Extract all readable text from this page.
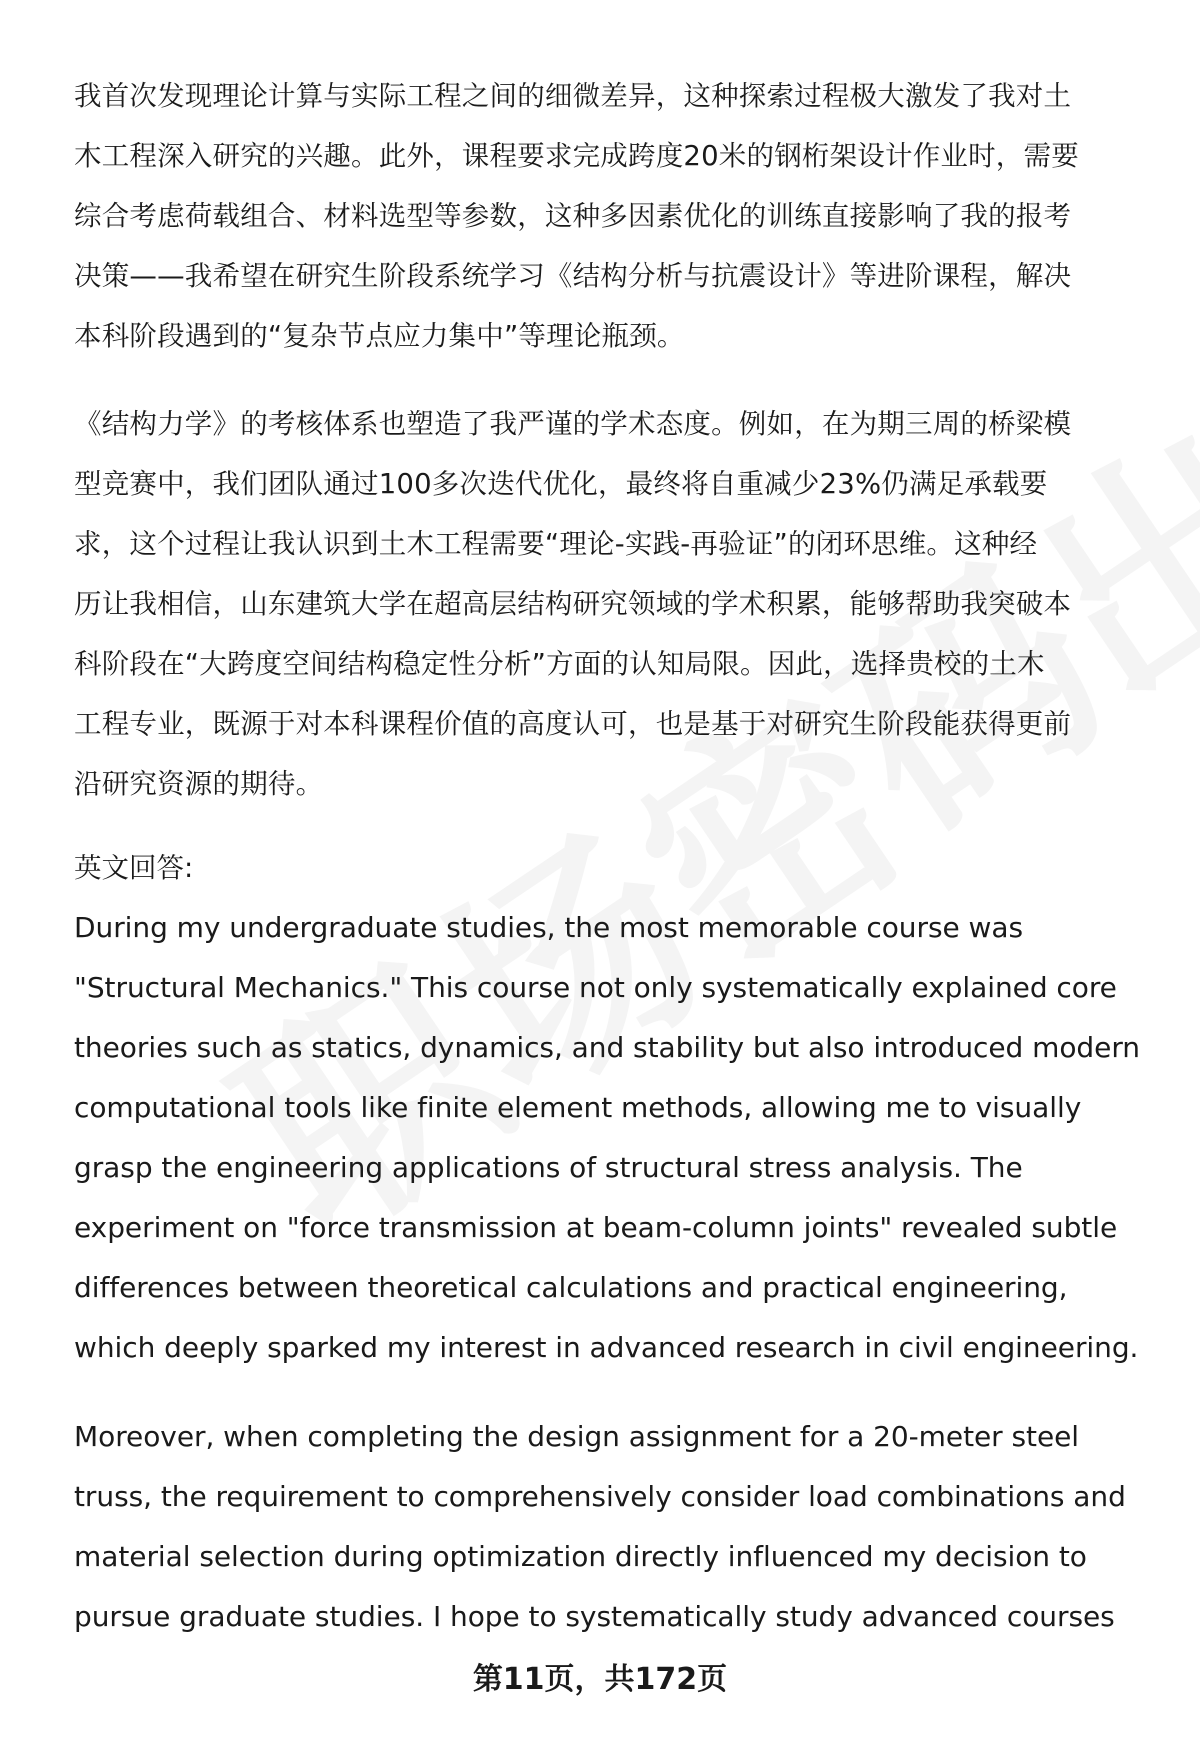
我首次发现理论计算与实际工程之间的细微差异，这种探索过程极大激发了我对土
木工程深入研究的兴趣。此外，课程要求完成跨度20米的钢桁架设计作业时，需要
综合考虑荷载组合、材料选型等参数，这种多因素优化的训练直接影响了我的报考
决策——我希望在研究生阶段系统学习《结构分析与抗震设计》等进阶课程，解决
本科阶段遇到的“复杂节点应力集中”等理论瓶颈。

《结构力学》的考核体系也塑造了我严谨的学术态度。例如，在为期三周的桥梁模
型竞赛中，我们团队通过100多次迭代优化，最终将自重减少23%仍满足承载要
求，这个过程让我认识到土木工程需要“理论-实践-再验证”的闭环思维。这种经
历让我相信，山东建筑大学在超高层结构研究领域的学术积累，能够帮助我突破本
科阶段在“大跨度空间结构稳定性分析”方面的认知局限。因此，选择贵校的土木
工程专业，既源于对本科课程价值的高度认可，也是基于对研究生阶段能获得更前
沿研究资源的期待。

英文回答:

During my undergraduate studies, the most memorable course was
"Structural Mechanics." This course not only systematically explained core
theories such as statics, dynamics, and stability but also introduced modern
computational tools like finite element methods, allowing me to visually
grasp the engineering applications of structural stress analysis. The
experiment on "force transmission at beam-column joints" revealed subtle
differences between theoretical calculations and practical engineering,
which deeply sparked my interest in advanced research in civil engineering.

Moreover, when completing the design assignment for a 20-meter steel
truss, the requirement to comprehensively consider load combinations and
material selection during optimization directly influenced my decision to
pursue graduate studies. I hope to systematically study advanced courses

第11页，共172页
